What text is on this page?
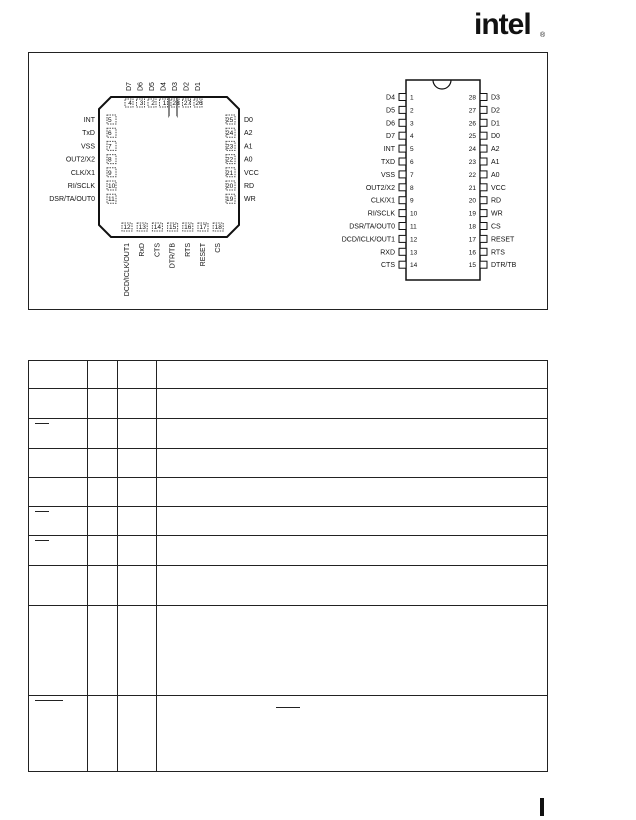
intel ®
4
D7
3
D6
2
D5
1
D4
28
D3
27
D2
26
D1
5
INT
6
TxD
7
VSS
8
OUT2/X2
9
CLK/X1
10
RI/SCLK
11
DSR/TA/OUT0
25 D0
24 A2
23 A1
22 A0
21 VCC
20 RD
19 WR
12
DCD/ICLK/OUT1
13
RxD
14
CTS
15
DTR/TB
16
RTS
17
RESET
18
CS
D4 1
D5 2
D6 3
D7 4
INT 5
TXD 6
VSS 7
OUT2/X2 8
CLK/X1 9
RI/SCLK 10
DSR/TA/OUT0 11
DCD/ICLK/OUT1 12
RXD 13
CTS 14
28 D3
27 D2
26 D1
25 D0
24 A2
23 A1
22 A0
21 VCC
20 RD
19 WR
18 CS
17 RESET
16 RTS
15 DTR/TB
